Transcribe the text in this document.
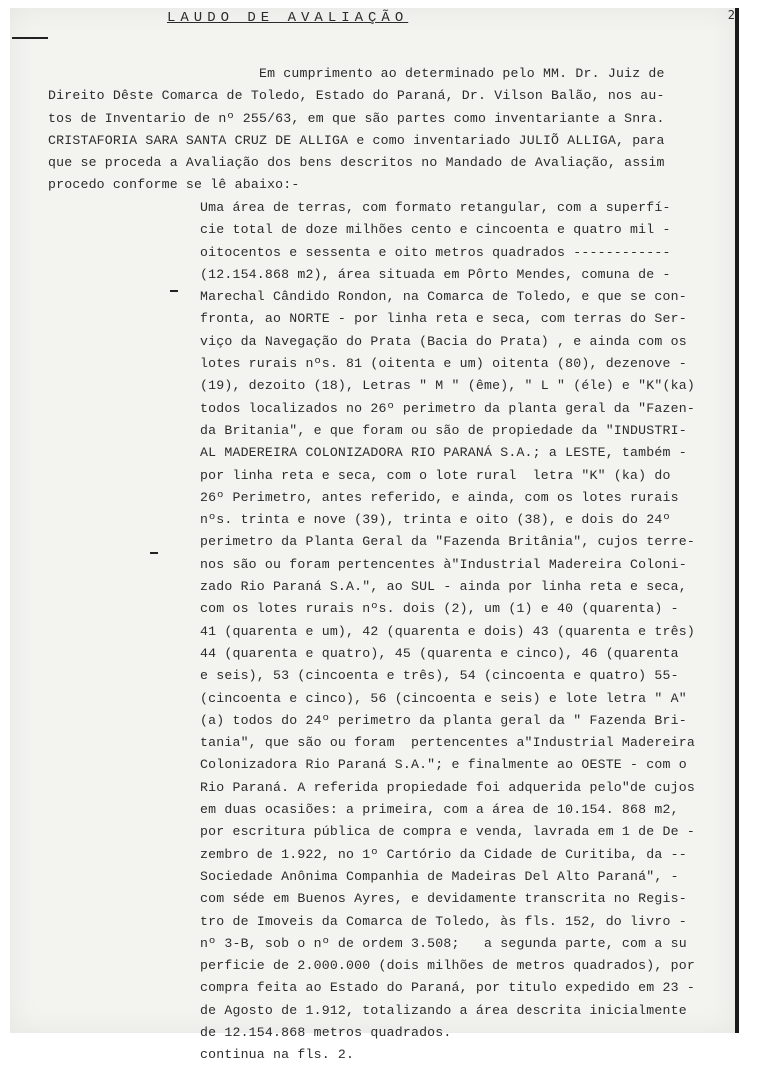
2
LAUDO DE AVALIAÇÃO
Em cumprimento ao determinado pelo MM. Dr. Juiz de
Direito Dêste Comarca de Toledo, Estado do Paraná, Dr. Vilson Balão, nos au-
tos de Inventario de nº 255/63, em que são partes como inventariante a Snra.
CRISTAFORIA SARA SANTA CRUZ DE ALLIGA e como inventariado JULIÕ ALLIGA, para
que se proceda a Avaliação dos bens descritos no Mandado de Avaliação, assim
procedo conforme se lê abaixo:-
Uma área de terras, com formato retangular, com a superfí-
cie total de doze milhões cento e cincoenta e quatro mil -
oitocentos e sessenta e oito metros quadrados ------------
(12.154.868 m2), área situada em Pôrto Mendes, comuna de -
Marechal Cândido Rondon, na Comarca de Toledo, e que se con-
fronta, ao NORTE - por linha reta e seca, com terras do Ser-
viço da Navegação do Prata (Bacia do Prata) , e ainda com os
lotes rurais nºs. 81 (oitenta e um) oitenta (80), dezenove -
(19), dezoito (18), Letras " M " (ême), " L " (éle) e "K"(ka)
todos localizados no 26º perimetro da planta geral da "Fazen-
da Britania", e que foram ou são de propiedade da "INDUSTRI-
AL MADEREIRA COLONIZADORA RIO PARANÁ S.A.; a LESTE, também -
por linha reta e seca, com o lote rural  letra "K" (ka) do
26º Perimetro, antes referido, e ainda, com os lotes rurais
nºs. trinta e nove (39), trinta e oito (38), e dois do 24º
perimetro da Planta Geral da "Fazenda Britânia", cujos terre-
nos são ou foram pertencentes à"Industrial Madereira Coloni-
zado Rio Paraná S.A.", ao SUL - ainda por linha reta e seca,
com os lotes rurais nºs. dois (2), um (1) e 40 (quarenta) -
41 (quarenta e um), 42 (quarenta e dois) 43 (quarenta e três)
44 (quarenta e quatro), 45 (quarenta e cinco), 46 (quarenta
e seis), 53 (cincoenta e três), 54 (cincoenta e quatro) 55-
(cincoenta e cinco), 56 (cincoenta e seis) e lote letra " A"
(a) todos do 24º perimetro da planta geral da " Fazenda Bri-
tania", que são ou foram  pertencentes a"Industrial Madereira
Colonizadora Rio Paraná S.A."; e finalmente ao OESTE - com o
Rio Paraná. A referida propiedade foi adquerida pelo"de cujos
em duas ocasiões: a primeira, com a área de 10.154. 868 m2,
por escritura pública de compra e venda, lavrada em 1 de De -
zembro de 1.922, no 1º Cartório da Cidade de Curitiba, da --
Sociedade Anônima Companhia de Madeiras Del Alto Paraná", -
com séde em Buenos Ayres, e devidamente transcrita no Regis-
tro de Imoveis da Comarca de Toledo, às fls. 152, do livro -
nº 3-B, sob o nº de ordem 3.508;   a segunda parte, com a su
perficie de 2.000.000 (dois milhões de metros quadrados), por
compra feita ao Estado do Paraná, por titulo expedido em 23 -
de Agosto de 1.912, totalizando a área descrita inicialmente
de 12.154.868 metros quadrados.
continua na fls. 2.
